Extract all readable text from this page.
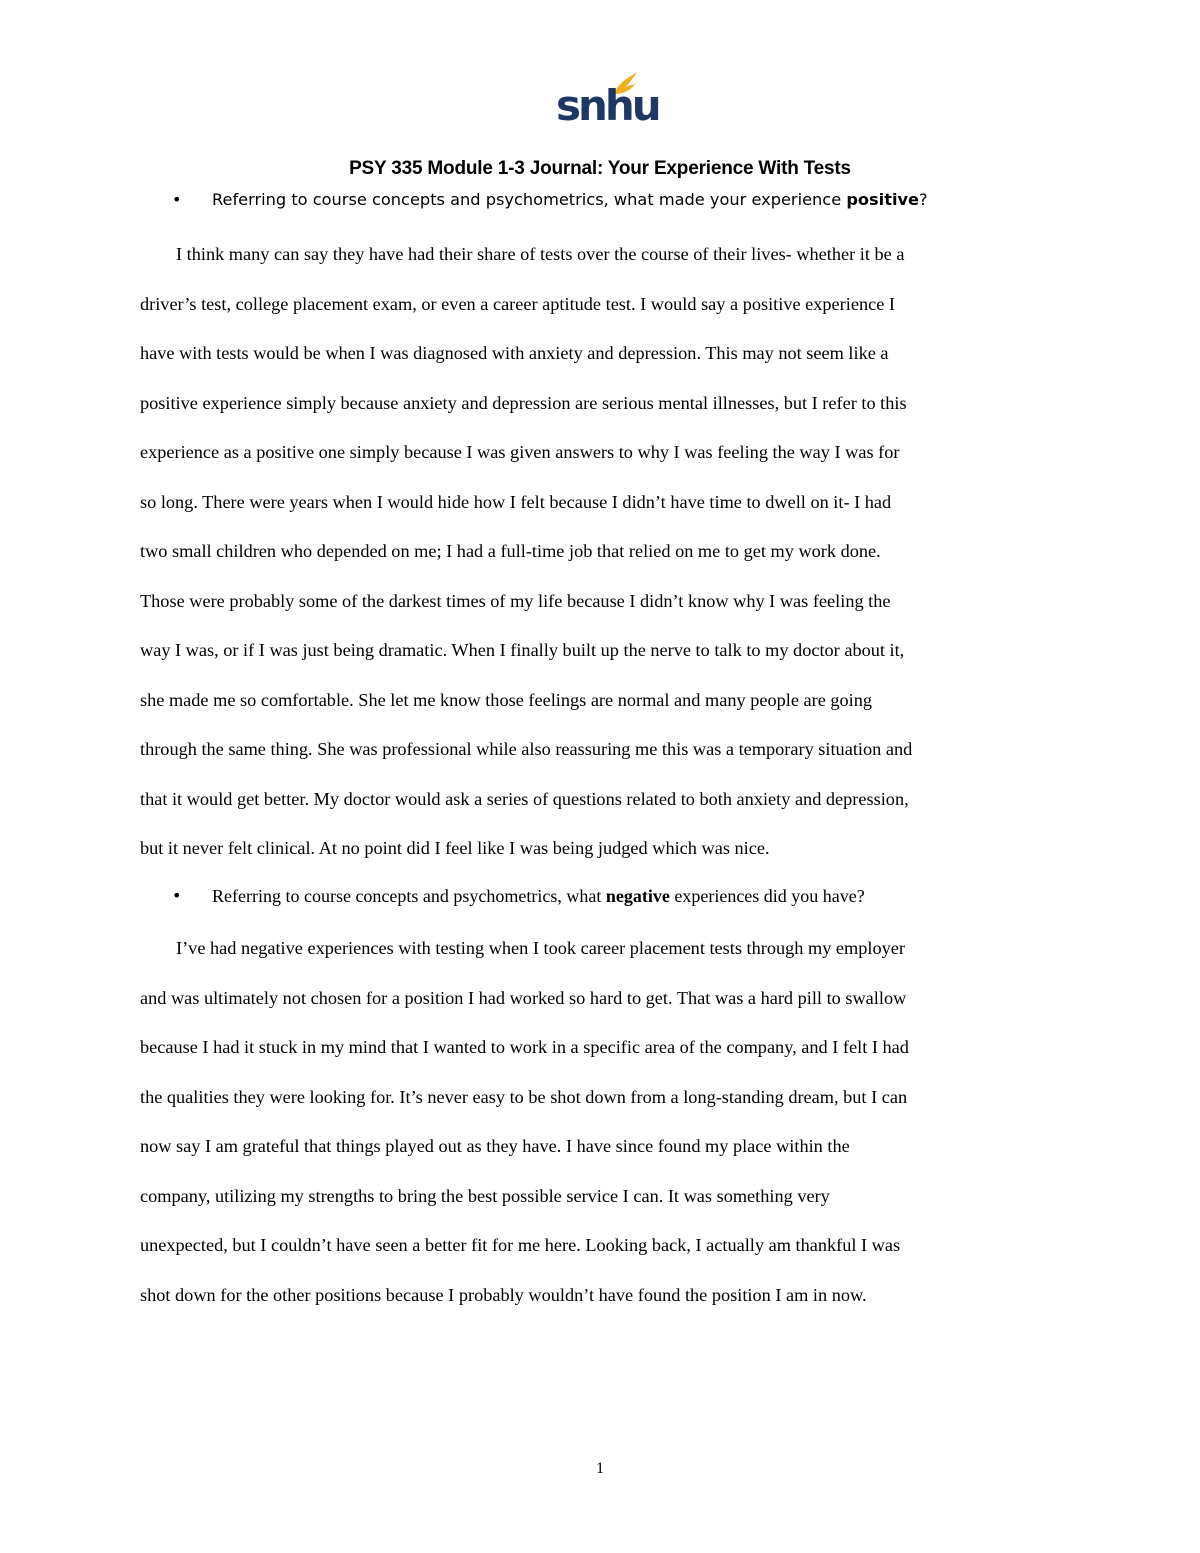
snhu
PSY 335 Module 1-3 Journal: Your Experience With Tests
• Referring to course concepts and psychometrics, what made your experience positive?
I think many can say they have had their share of tests over the course of their lives- whether it be a
driver’s test, college placement exam, or even a career aptitude test. I would say a positive experience I
have with tests would be when I was diagnosed with anxiety and depression. This may not seem like a
positive experience simply because anxiety and depression are serious mental illnesses, but I refer to this
experience as a positive one simply because I was given answers to why I was feeling the way I was for
so long. There were years when I would hide how I felt because I didn’t have time to dwell on it- I had
two small children who depended on me; I had a full-time job that relied on me to get my work done.
Those were probably some of the darkest times of my life because I didn’t know why I was feeling the
way I was, or if I was just being dramatic. When I finally built up the nerve to talk to my doctor about it,
she made me so comfortable. She let me know those feelings are normal and many people are going
through the same thing. She was professional while also reassuring me this was a temporary situation and
that it would get better. My doctor would ask a series of questions related to both anxiety and depression,
but it never felt clinical. At no point did I feel like I was being judged which was nice.
• Referring to course concepts and psychometrics, what negative experiences did you have?
I’ve had negative experiences with testing when I took career placement tests through my employer
and was ultimately not chosen for a position I had worked so hard to get. That was a hard pill to swallow
because I had it stuck in my mind that I wanted to work in a specific area of the company, and I felt I had
the qualities they were looking for. It’s never easy to be shot down from a long-standing dream, but I can
now say I am grateful that things played out as they have. I have since found my place within the
company, utilizing my strengths to bring the best possible service I can. It was something very
unexpected, but I couldn’t have seen a better fit for me here. Looking back, I actually am thankful I was
shot down for the other positions because I probably wouldn’t have found the position I am in now.
1
